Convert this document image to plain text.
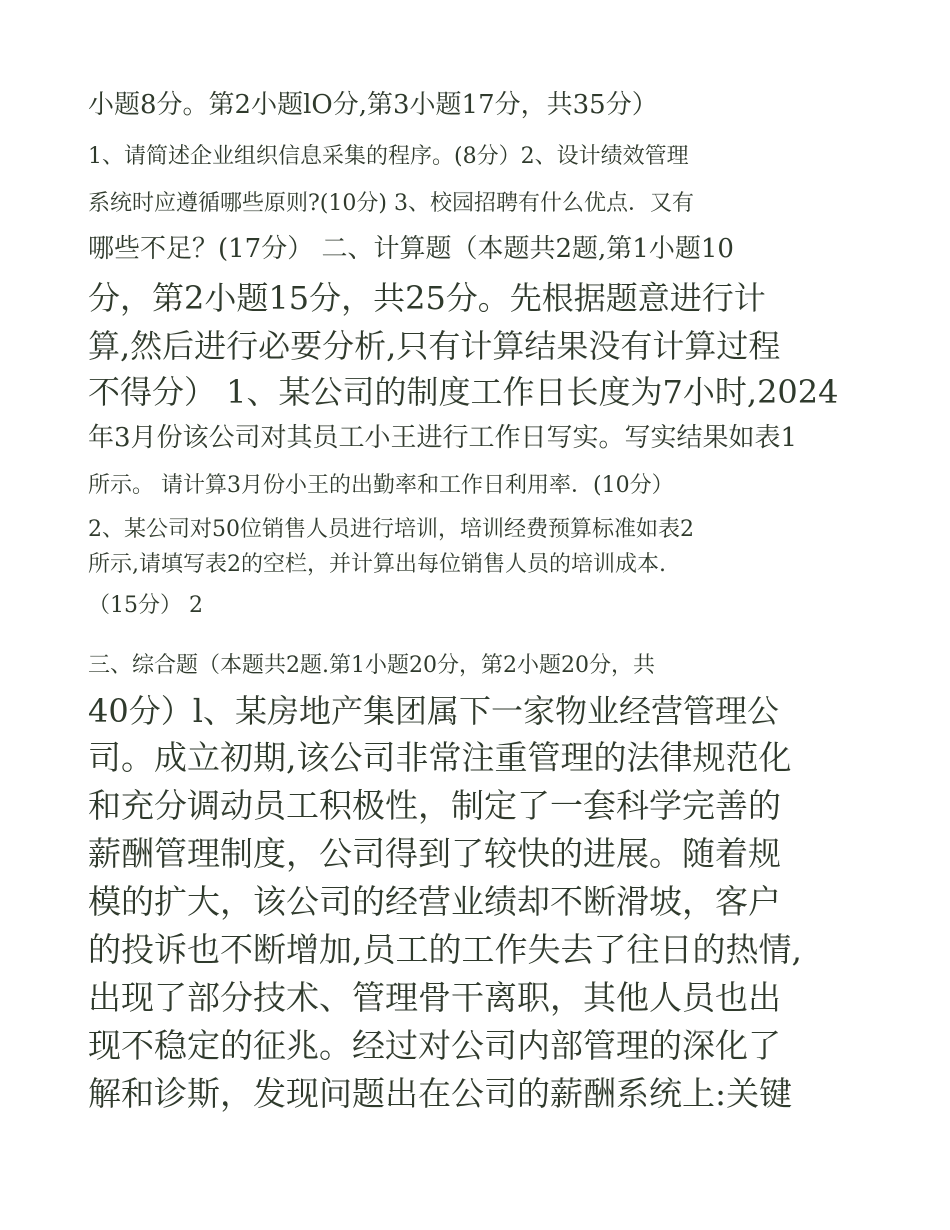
小题8分。第2小题lO分,第3小题17分，共35分）
1、请简述企业组织信息采集的程序。(8分）2、设计绩效管理
系统时应遵循哪些原则?(10分) 3、校园招聘有什么优点．又有
哪些不足？(17分） 二、计算题（本题共2题,第1小题10
分，第2小题15分，共25分。先根据题意进行计
算,然后进行必要分析,只有计算结果没有计算过程
不得分） 1、某公司的制度工作日长度为7小时,2024
年3月份该公司对其员工小王进行工作日写实。写实结果如表1
所示。 请计算3月份小王的出勤率和工作日利用率．(10分）
2、某公司对50位销售人员进行培训，培训经费预算标准如表2
所示,请填写表2的空栏，并计算出每位销售人员的培训成本.
（15分） 2
三、综合题（本题共2题.第1小题20分，第2小题20分，共
40分）l、某房地产集团属下一家物业经营管理公
司。成立初期,该公司非常注重管理的法律规范化
和充分调动员工积极性，制定了一套科学完善的
薪酬管理制度，公司得到了较快的进展。随着规
模的扩大，该公司的经营业绩却不断滑坡，客户
的投诉也不断增加,员工的工作失去了往日的热情,
出现了部分技术、管理骨干离职，其他人员也出
现不稳定的征兆。经过对公司内部管理的深化了
解和诊斯，发现问题出在公司的薪酬系统上:关键
